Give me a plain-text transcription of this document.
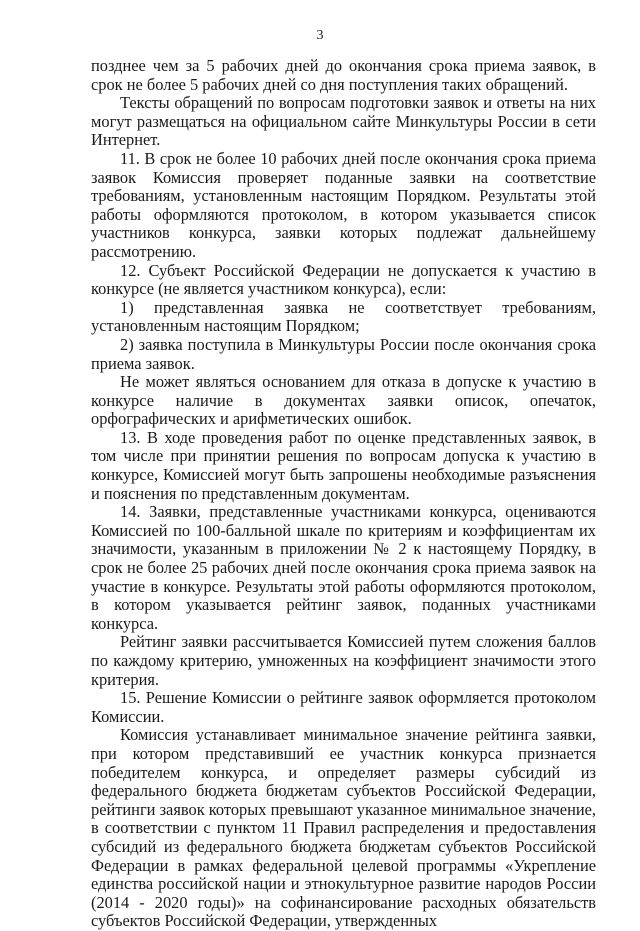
3

позднее чем за 5 рабочих дней до окончания срока приема заявок, в срок не более 5 рабочих дней со дня поступления таких обращений.

Тексты обращений по вопросам подготовки заявок и ответы на них могут размещаться на официальном сайте Минкультуры России в сети Интернет.

11. В срок не более 10 рабочих дней после окончания срока приема заявок Комиссия проверяет поданные заявки на соответствие требованиям, установленным настоящим Порядком. Результаты этой работы оформляются протоколом, в котором указывается список участников конкурса, заявки которых подлежат дальнейшему рассмотрению.

12. Субъект Российской Федерации не допускается к участию в конкурсе (не является участником конкурса), если:

1) представленная заявка не соответствует требованиям, установленным настоящим Порядком;

2) заявка поступила в Минкультуры России после окончания срока приема заявок.

Не может являться основанием для отказа в допуске к участию в конкурсе наличие в документах заявки описок, опечаток, орфографических и арифметических ошибок.

13. В ходе проведения работ по оценке представленных заявок, в том числе при принятии решения по вопросам допуска к участию в конкурсе, Комиссией могут быть запрошены необходимые разъяснения и пояснения по представленным документам.

14. Заявки, представленные участниками конкурса, оцениваются Комиссией по 100-балльной шкале по критериям и коэффициентам их значимости, указанным в приложении № 2 к настоящему Порядку, в срок не более 25 рабочих дней после окончания срока приема заявок на участие в конкурсе. Результаты этой работы оформляются протоколом, в котором указывается рейтинг заявок, поданных участниками конкурса.

Рейтинг заявки рассчитывается Комиссией путем сложения баллов по каждому критерию, умноженных на коэффициент значимости этого критерия.

15. Решение Комиссии о рейтинге заявок оформляется протоколом Комиссии.

Комиссия устанавливает минимальное значение рейтинга заявки, при котором представивший ее участник конкурса признается победителем конкурса, и определяет размеры субсидий из федерального бюджета бюджетам субъектов Российской Федерации, рейтинги заявок которых превышают указанное минимальное значение, в соответствии с пунктом 11 Правил распределения и предоставления субсидий из федерального бюджета бюджетам субъектов Российской Федерации в рамках федеральной целевой программы «Укрепление единства российской нации и этнокультурное развитие народов России (2014 - 2020 годы)» на софинансирование расходных обязательств субъектов Российской Федерации, утвержденных
